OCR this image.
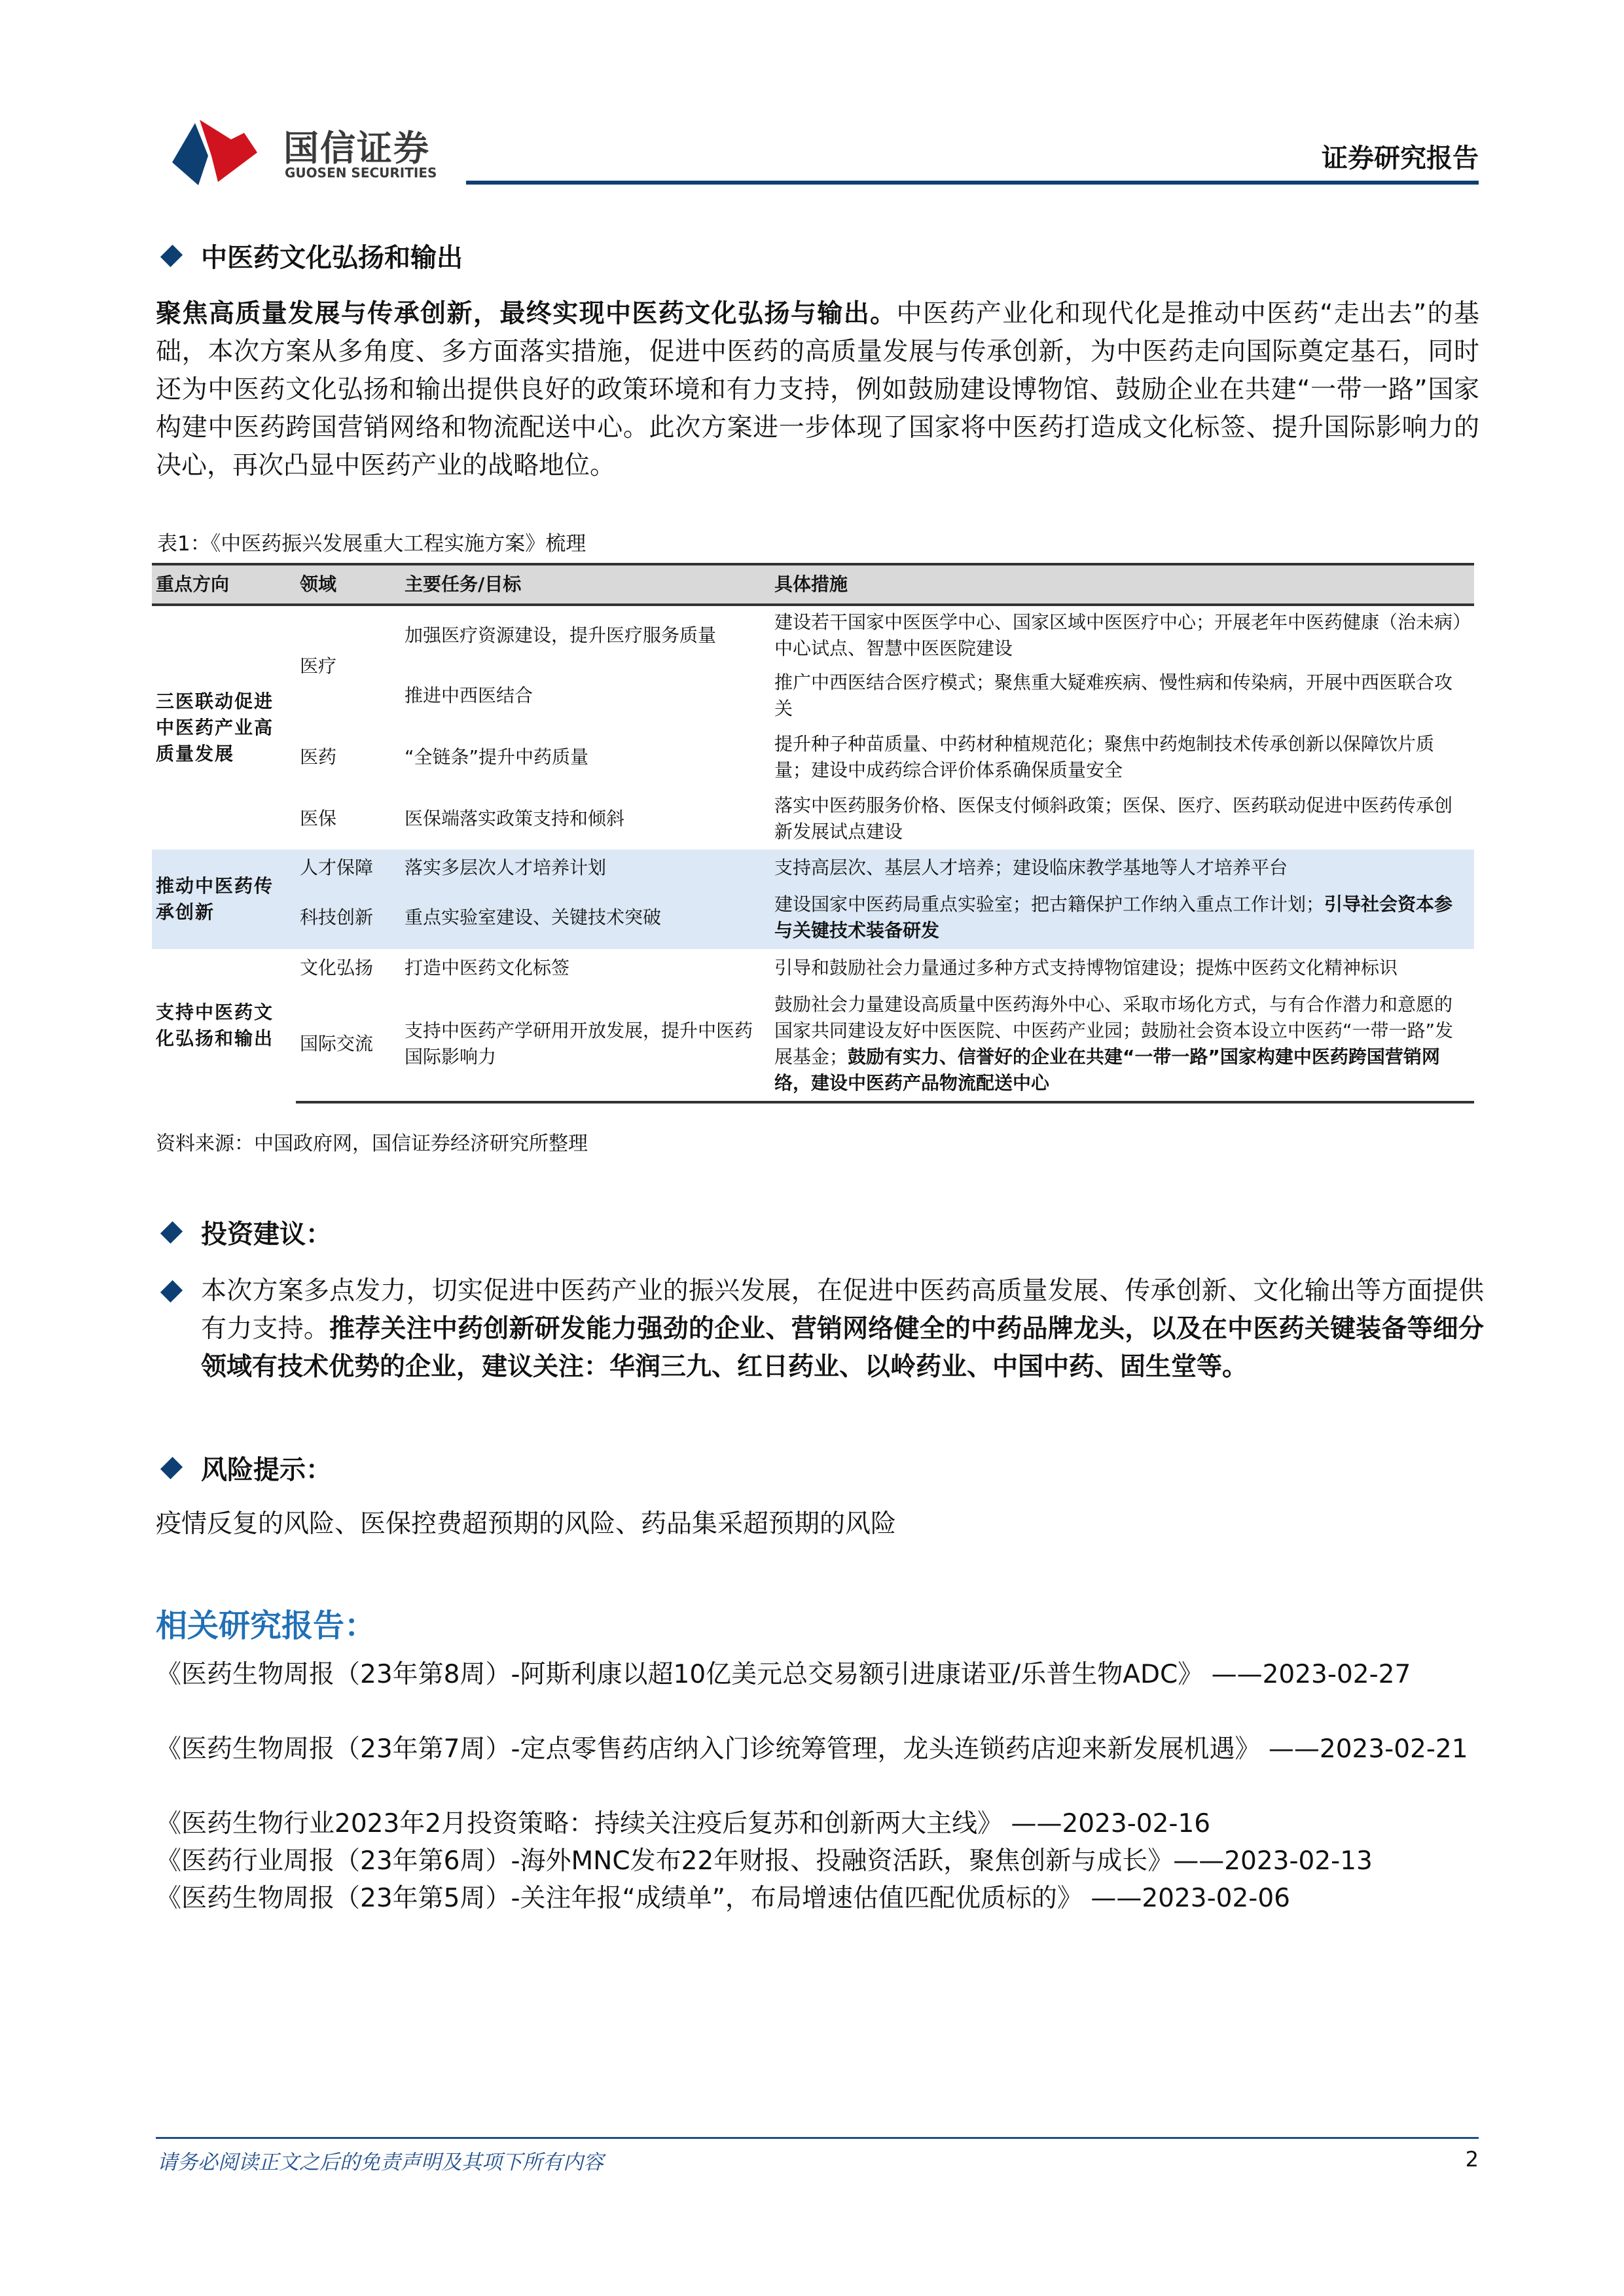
国信证券
GUOSEN SECURITIES	证券研究报告
中医药文化弘扬和输出

聚焦高质量发展与传承创新，最终实现中医药文化弘扬与输出。中医药产业化和现代化是推动中医药“走出去”的基础，本次方案从多角度、多方面落实措施，促进中医药的高质量发展与传承创新，为中医药走向国际奠定基石，同时还为中医药文化弘扬和输出提供良好的政策环境和有力支持，例如鼓励建设博物馆、鼓励企业在共建“一带一路”国家构建中医药跨国营销网络和物流配送中心。此次方案进一步体现了国家将中医药打造成文化标签、提升国际影响力的决心，再次凸显中医药产业的战略地位。

表1：《中医药振兴发展重大工程实施方案》梳理
重点方向	领域	主要任务/目标	具体措施
三医联动促进中医药产业高质量发展	医疗	加强医疗资源建设，提升医疗服务质量	建设若干国家中医医学中心、国家区域中医医疗中心；开展老年中医药健康（治未病）中心试点、智慧中医医院建设
		推进中西医结合	推广中西医结合医疗模式；聚焦重大疑难疾病、慢性病和传染病，开展中西医联合攻关
	医药	“全链条”提升中药质量	提升种子种苗质量、中药材种植规范化；聚焦中药炮制技术传承创新以保障饮片质量；建设中成药综合评价体系确保质量安全
	医保	医保端落实政策支持和倾斜	落实中医药服务价格、医保支付倾斜政策；医保、医疗、医药联动促进中医药传承创新发展试点建设
推动中医药传承创新	人才保障	落实多层次人才培养计划	支持高层次、基层人才培养；建设临床教学基地等人才培养平台
	科技创新	重点实验室建设、关键技术突破	建设国家中医药局重点实验室；把古籍保护工作纳入重点工作计划；引导社会资本参与关键技术装备研发
支持中医药文化弘扬和输出	文化弘扬	打造中医药文化标签	引导和鼓励社会力量通过多种方式支持博物馆建设；提炼中医药文化精神标识
	国际交流	支持中医药产学研用开放发展，提升中医药国际影响力	鼓励社会力量建设高质量中医药海外中心、采取市场化方式，与有合作潜力和意愿的国家共同建设友好中医医院、中医药产业园；鼓励社会资本设立中医药“一带一路”发展基金；鼓励有实力、信誉好的企业在共建“一带一路”国家构建中医药跨国营销网络，建设中医药产品物流配送中心
资料来源：中国政府网，国信证券经济研究所整理
投资建议：

本次方案多点发力，切实促进中医药产业的振兴发展，在促进中医药高质量发展、传承创新、文化输出等方面提供有力支持。推荐关注中药创新研发能力强劲的企业、营销网络健全的中药品牌龙头，以及在中医药关键装备等细分领域有技术优势的企业，建议关注：华润三九、红日药业、以岭药业、中国中药、固生堂等。

风险提示：

疫情反复的风险、医保控费超预期的风险、药品集采超预期的风险

相关研究报告：
《医药生物周报（23年第8周）-阿斯利康以超10亿美元总交易额引进康诺亚/乐普生物ADC》 ——2023-02-27
《医药生物周报（23年第7周）-定点零售药店纳入门诊统筹管理，龙头连锁药店迎来新发展机遇》 ——2023-02-21
《医药生物行业2023年2月投资策略：持续关注疫后复苏和创新两大主线》 ——2023-02-16
《医药行业周报（23年第6周）-海外MNC发布22年财报、投融资活跃，聚焦创新与成长》——2023-02-13
《医药生物周报（23年第5周）-关注年报“成绩单”，布局增速估值匹配优质标的》 ——2023-02-06
请务必阅读正文之后的免责声明及其项下所有内容	2
